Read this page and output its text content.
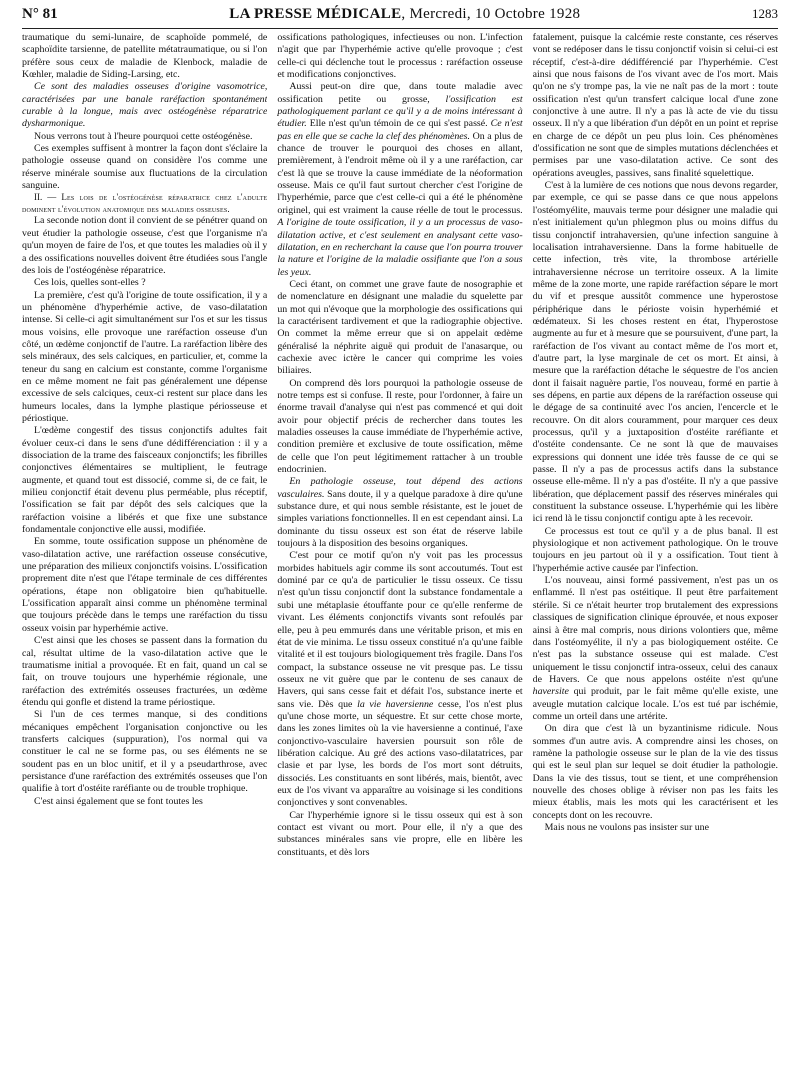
N° 81	LA PRESSE MÉDICALE, Mercredi, 10 Octobre 1928	1283

traumatique du semi-lunaire, de scaphoïde pommelé, de scaphoïdite tarsienne, de patellite métatraumatique, ou si l'on préfère sous ceux de maladie de Klenbock, maladie de Kœhler, maladie de Siding-Larsing, etc.

Ce sont des maladies osseuses d'origine vasomotrice, caractérisées par une banale raréfaction spontanément curable à la longue, mais avec ostéogénèse réparatrice dysharmonique.

Nous verrons tout à l'heure pourquoi cette ostéogénèse.

Ces exemples suffisent à montrer la façon dont s'éclaire la pathologie osseuse quand on considère l'os comme une réserve minérale soumise aux fluctuations de la circulation sanguine.

II. — Les lois de l'ostéogénèse réparatrice chez l'adulte dominent l'évolution anatomique des maladies osseuses.

La seconde notion dont il convient de se pénétrer quand on veut étudier la pathologie osseuse, c'est que l'organisme n'a qu'un moyen de faire de l'os, et que toutes les maladies où il y a des ossifications nouvelles doivent être étudiées sous l'angle des lois de l'ostéogénèse réparatrice.

Ces lois, quelles sont-elles ?

La première, c'est qu'à l'origine de toute ossification, il y a un phénomène d'hyperhémie active, de vaso-dilatation intense. Si celle-ci agit simultanément sur l'os et sur les tissus mous voisins, elle provoque une raréfaction osseuse d'un côté, un œdème conjonctif de l'autre. La raréfaction libère des sels minéraux, des sels calciques, en particulier, et, comme la teneur du sang en calcium est constante, comme l'organisme en ce même moment ne fait pas généralement une dépense excessive de sels calciques, ceux-ci restent sur place dans les humeurs locales, dans la lymphe plastique périosseuse et périostique.

L'œdème congestif des tissus conjonctifs adultes fait évoluer ceux-ci dans le sens d'une dédifférenciation : il y a dissociation de la trame des faisceaux conjonctifs; les fibrilles conjonctives élémentaires se multiplient, le feutrage augmente, et quand tout est dissocié, comme si, de ce fait, le milieu conjonctif était devenu plus perméable, plus réceptif, l'ossification se fait par dépôt des sels calciques que la raréfaction voisine a libérés et que fixe une substance fondamentale conjonctive elle aussi, modifiée.

En somme, toute ossification suppose un phénomène de vaso-dilatation active, une raréfaction osseuse consécutive, une préparation des milieux conjonctifs voisins. L'ossification proprement dite n'est que l'étape terminale de ces différentes opérations, étape non obligatoire bien qu'habituelle. L'ossification apparaît ainsi comme un phénomène terminal que toujours précède dans le temps une raréfaction du tissu osseux voisin par hyperhémie active.

C'est ainsi que les choses se passent dans la formation du cal, résultat ultime de la vaso-dilatation active que le traumatisme initial a provoquée. Et en fait, quand un cal se fait, on trouve toujours une hyperhémie régionale, une raréfaction des extrémités osseuses fracturées, un œdème étendu qui gonfle et distend la trame périostique.

Si l'un de ces termes manque, si des conditions mécaniques empêchent l'organisation conjonctive ou les transferts calciques (suppuration), l'os normal qui va constituer le cal ne se forme pas, ou ses éléments ne se soudent pas en un bloc unitif, et il y a pseudarthrose, avec persistance d'une raréfaction des extrémités osseuses que l'on qualifie à tort d'ostéite raréfiante ou de trouble trophique.

C'est ainsi également que se font toutes les

ossifications pathologiques, infectieuses ou non. L'infection n'agit que par l'hyperhémie active qu'elle provoque ; c'est celle-ci qui déclenche tout le processus : raréfaction osseuse et modifications conjonctives.

Aussi peut-on dire que, dans toute maladie avec ossification petite ou grosse, l'ossification est pathologiquement parlant ce qu'il y a de moins intéressant à étudier. Elle n'est qu'un témoin de ce qui s'est passé. Ce n'est pas en elle que se cache la clef des phénomènes. On a plus de chance de trouver le pourquoi des choses en allant, premièrement, à l'endroit même où il y a une raréfaction, car c'est là que se trouve la cause immédiate de la néoformation osseuse. Mais ce qu'il faut surtout chercher c'est l'origine de l'hyperhémie, parce que c'est celle-ci qui a été le phénomène originel, qui est vraiment la cause réelle de tout le processus. A l'origine de toute ossification, il y a un processus de vaso-dilatation active, et c'est seulement en analysant cette vaso-dilatation, en en recherchant la cause que l'on pourra trouver la nature et l'origine de la maladie ossifiante que l'on a sous les yeux.

Ceci étant, on commet une grave faute de nosographie et de nomenclature en désignant une maladie du squelette par un mot qui n'évoque que la morphologie des ossifications qui la caractérisent tardivement et que la radiographie objective. On commet la même erreur que si on appelait œdème généralisé la néphrite aiguë qui produit de l'anasarque, ou cachexie avec ictère le cancer qui comprime les voies biliaires.

On comprend dès lors pourquoi la pathologie osseuse de notre temps est si confuse. Il reste, pour l'ordonner, à faire un énorme travail d'analyse qui n'est pas commencé et qui doit avoir pour objectif précis de rechercher dans toutes les maladies osseuses la cause immédiate de l'hyperhémie active, condition première et exclusive de toute ossification, même de celle que l'on peut légitimement rattacher à un trouble endocrinien.

En pathologie osseuse, tout dépend des actions vasculaires. Sans doute, il y a quelque paradoxe à dire qu'une substance dure, et qui nous semble résistante, est le jouet de simples variations fonctionnelles. Il en est cependant ainsi. La dominante du tissu osseux est son état de réserve labile toujours à la disposition des besoins organiques.

C'est pour ce motif qu'on n'y voit pas les processus morbides habituels agir comme ils sont accoutumés. Tout est dominé par ce qu'a de particulier le tissu osseux. Ce tissu n'est qu'un tissu conjonctif dont la substance fondamentale a subi une métaplasie étouffante pour ce qu'elle renferme de vivant. Les éléments conjonctifs vivants sont refoulés par elle, peu à peu emmurés dans une véritable prison, et mis en état de vie minima. Le tissu osseux constitué n'a qu'une faible vitalité et il est toujours biologiquement très fragile. Dans l'os compact, la substance osseuse ne vit presque pas. Le tissu osseux ne vit guère que par le contenu de ses canaux de Havers, qui sans cesse fait et défait l'os, substance inerte et sans vie. Dès que la vie haversienne cesse, l'os n'est plus qu'une chose morte, un séquestre. Et sur cette chose morte, dans les zones limites où la vie haversienne a continué, l'axe conjonctivo-vasculaire haversien poursuit son rôle de libération calcique. Au gré des actions vaso-dilatatrices, par clasie et par lyse, les bords de l'os mort sont détruits, dissociés. Les constituants en sont libérés, mais, bientôt, avec eux de l'os vivant va apparaître au voisinage si les conditions conjonctives y sont convenables.

Car l'hyperhémie ignore si le tissu osseux qui est à son contact est vivant ou mort. Pour elle, il n'y a que des substances minérales sans vie propre, elle en libère les constituants, et dès lors

fatalement, puisque la calcémie reste constante, ces réserves vont se redéposer dans le tissu conjonctif voisin si celui-ci est réceptif, c'est-à-dire dédifférencié par l'hyperhémie. C'est ainsi que nous faisons de l'os vivant avec de l'os mort. Mais qu'on ne s'y trompe pas, la vie ne naît pas de la mort : toute ossification n'est qu'un transfert calcique local d'une zone conjonctive à une autre. Il n'y a pas là acte de vie du tissu osseux. Il n'y a que libération d'un dépôt en un point et reprise en charge de ce dépôt un peu plus loin. Ces phénomènes d'ossification ne sont que de simples mutations déclenchées et permises par une vaso-dilatation active. Ce sont des opérations aveugles, passives, sans finalité squelettique.

C'est à la lumière de ces notions que nous devons regarder, par exemple, ce qui se passe dans ce que nous appelons l'ostéomyélite, mauvais terme pour désigner une maladie qui n'est initialement qu'un phlegmon plus ou moins diffus du tissu conjonctif intrahaversien, qu'une infection sanguine à localisation intrahaversienne. Dans la forme habituelle de cette infection, très vite, la thrombose artérielle intrahaversienne nécrose un territoire osseux. A la limite même de la zone morte, une rapide raréfaction sépare le mort du vif et presque aussitôt commence une hyperostose périphérique dans le périoste voisin hyperhémié et œdémateux. Si les choses restent en état, l'hyperostose augmente au fur et à mesure que se poursuivent, d'une part, la raréfaction de l'os vivant au contact même de l'os mort et, d'autre part, la lyse marginale de cet os mort. Et ainsi, à mesure que la raréfaction détache le séquestre de l'os ancien dont il faisait naguère partie, l'os nouveau, formé en partie à ses dépens, en partie aux dépens de la raréfaction osseuse qui le dégage de sa continuité avec l'os ancien, l'encercle et le recouvre. On dit alors couramment, pour marquer ces deux processus, qu'il y a juxtaposition d'ostéite raréfiante et d'ostéite condensante. Ce ne sont là que de mauvaises expressions qui donnent une idée très fausse de ce qui se passe. Il n'y a pas de processus actifs dans la substance osseuse elle-même. Il n'y a pas d'ostéite. Il n'y a que passive libération, que déplacement passif des réserves minérales qui constituent la substance osseuse. L'hyperhémie qui les libère ici rend là le tissu conjonctif contigu apte à les recevoir.

Ce processus est tout ce qu'il y a de plus banal. Il est physiologique et non activement pathologique. On le trouve toujours en jeu partout où il y a ossification. Tout tient à l'hyperhémie active causée par l'infection.

L'os nouveau, ainsi formé passivement, n'est pas un os enflammé. Il n'est pas ostéitique. Il peut être parfaitement stérile. Si ce n'était heurter trop brutalement des expressions classiques de signification clinique éprouvée, et nous exposer ainsi à être mal compris, nous dirions volontiers que, même dans l'ostéomyélite, il n'y a pas biologiquement ostéite. Ce n'est pas la substance osseuse qui est malade. C'est uniquement le tissu conjonctif intra-osseux, celui des canaux de Havers. Ce que nous appelons ostéite n'est qu'une haversite qui produit, par le fait même qu'elle existe, une aveugle mutation calcique locale. L'os est tué par ischémie, comme un orteil dans une artérite.

On dira que c'est là un byzantinisme ridicule. Nous sommes d'un autre avis. A comprendre ainsi les choses, on ramène la pathologie osseuse sur le plan de la vie des tissus qui est le seul plan sur lequel se doit étudier la pathologie. Dans la vie des tissus, tout se tient, et une compréhension nouvelle des choses oblige à réviser non pas les faits les mieux établis, mais les mots qui les caractérisent et les concepts dont on les recouvre.

Mais nous ne voulons pas insister sur une
